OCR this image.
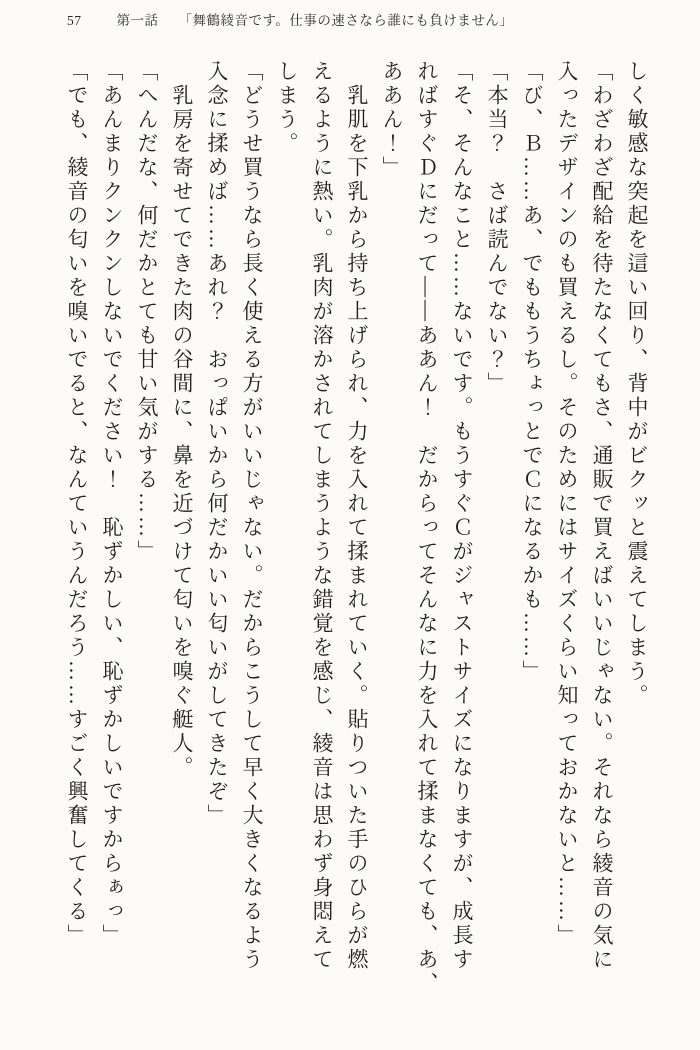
57	第一話 「舞鶴綾音です。仕事の速さなら誰にも負けません」

しく敏感な突起を這い回り、背中がビクッと震えてしまう。

「わざわざ配給を待たなくてもさ、通販で買えばいいじゃない。それなら綾音の気に

入ったデザインのも買えるし。そのためにはサイズくらい知っておかないと……」

「び、Ｂ……あ、でももうちょっとでＣになるかも……」

「本当？　さば読んでない？」

「そ、そんなこと……ないです。もうすぐＣがジャストサイズになりますが、成長す

ればすぐＤにだって――ああん！　だからってそんなに力を入れて揉まなくても、あ、

ああん！」

　乳肌を下乳から持ち上げられ、力を入れて揉まれていく。貼りついた手のひらが燃

えるように熱い。乳肉が溶かされてしまうような錯覚を感じ、綾音は思わず身悶えて

しまう。

「どうせ買うなら長く使える方がいいじゃない。だからこうして早く大きくなるよう

入念に揉めば……あれ？　おっぱいから何だかいい匂いがしてきたぞ」

　乳房を寄せてできた肉の谷間に、鼻を近づけて匂いを嗅ぐ艇人。

「へんだな、何だかとても甘い気がする……」

「あんまりクンクンしないでください！　恥ずかしい、恥ずかしいですからぁっ」

「でも、綾音の匂いを嗅いでると、なんていうんだろう……すごく興奮してくる」
